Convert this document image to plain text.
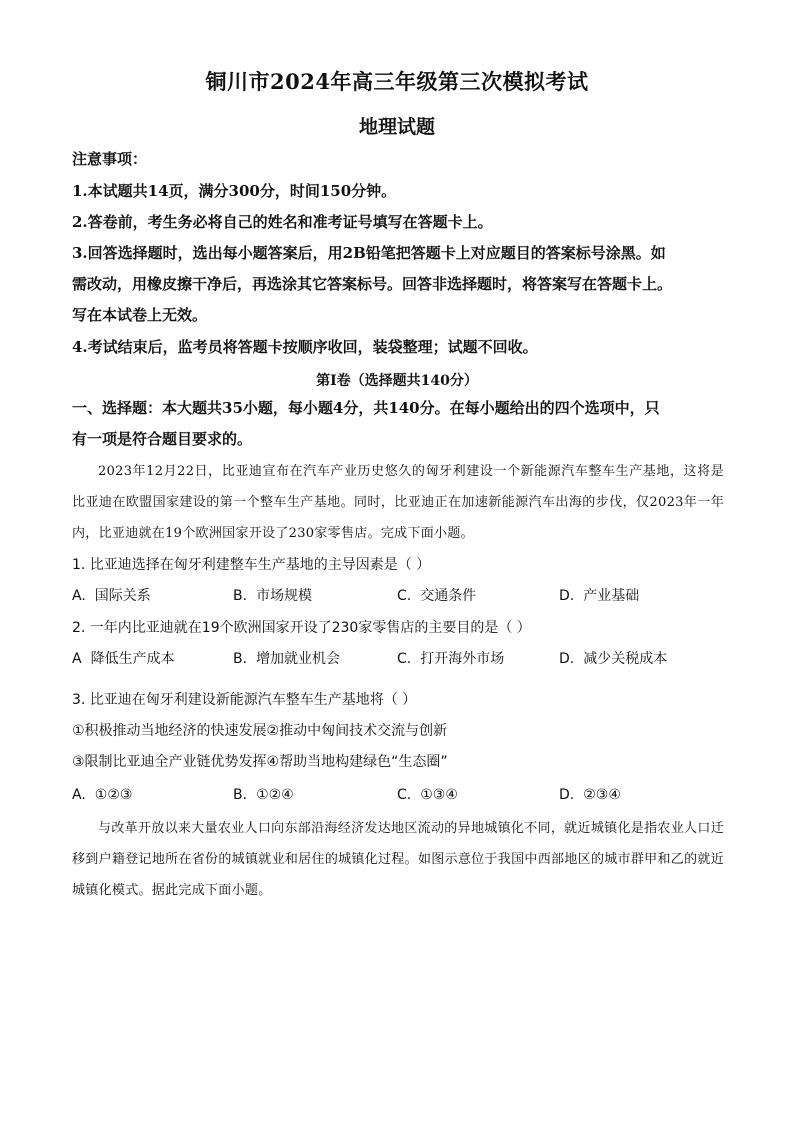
铜川市2024年高三年级第三次模拟考试
地理试题
注意事项：
1.本试题共14页，满分300分，时间150分钟。
2.答卷前，考生务必将自己的姓名和准考证号填写在答题卡上。
3.回答选择题时，选出每小题答案后，用2B铅笔把答题卡上对应题目的答案标号涂黑。如
需改动，用橡皮擦干净后，再选涂其它答案标号。回答非选择题时，将答案写在答题卡上。
写在本试卷上无效。
4.考试结束后，监考员将答题卡按顺序收回，装袋整理；试题不回收。
第Ⅰ卷（选择题共140分）
一、选择题：本大题共35小题，每小题4分，共140分。在每小题给出的四个选项中，只
有一项是符合题目要求的。

2023年12月22日，比亚迪宣布在汽车产业历史悠久的匈牙利建设一个新能源汽车整车生产基地，这将是比亚迪在欧盟国家建设的第一个整车生产基地。同时，比亚迪正在加速新能源汽车出海的步伐，仅2023年一年内，比亚迪就在19个欧洲国家开设了230家零售店。完成下面小题。

1. 比亚迪选择在匈牙利建整车生产基地的主导因素是（ ）
A. 国际关系	B. 市场规模	C. 交通条件	D. 产业基础
2. 一年内比亚迪就在19个欧洲国家开设了230家零售店的主要目的是（ ）
A 降低生产成本	B. 增加就业机会	C. 打开海外市场	D. 减少关税成本
3. 比亚迪在匈牙利建设新能源汽车整车生产基地将（ ）
①积极推动当地经济的快速发展②推动中匈间技术交流与创新
③限制比亚迪全产业链优势发挥④帮助当地构建绿色“生态圈”
A. ①②③	B. ①②④	C. ①③④	D. ②③④

与改革开放以来大量农业人口向东部沿海经济发达地区流动的异地城镇化不同，就近城镇化是指农业人口迁移到户籍登记地所在省份的城镇就业和居住的城镇化过程。如图示意位于我国中西部地区的城市群甲和乙的就近城镇化模式。据此完成下面小题。
